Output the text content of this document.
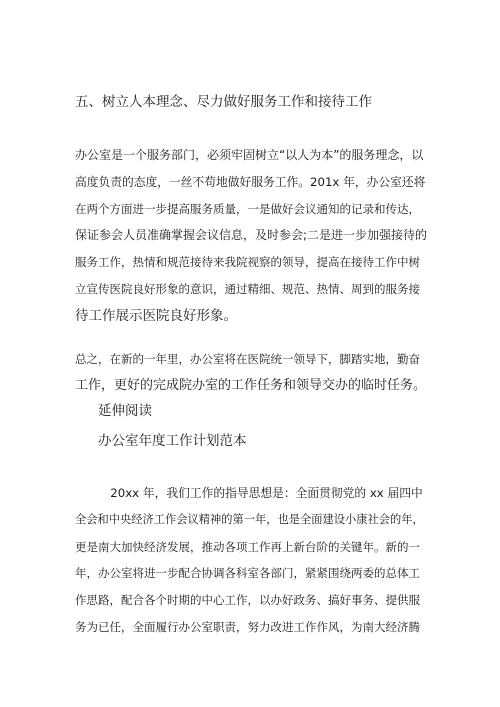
五、树立人本理念、尽力做好服务工作和接待工作
办公室是一个服务部门，必须牢固树立“以人为本”的服务理念，以
高度负责的态度，一丝不苟地做好服务工作。201x 年，办公室还将
在两个方面进一步提高服务质量，一是做好会议通知的记录和传达，
保证参会人员准确掌握会议信息，及时参会;二是进一步加强接待的
服务工作，热情和规范接待来我院视察的领导，提高在接待工作中树
立宣传医院良好形象的意识，通过精细、规范、热情、周到的服务接
待工作展示医院良好形象。
总之，在新的一年里，办公室将在医院统一领导下，脚踏实地，勤奋
工作，更好的完成院办室的工作任务和领导交办的临时任务。
延伸阅读
办公室年度工作计划范本
　　　20xx 年，我们工作的指导思想是：全面贯彻党的 xx 届四中
全会和中央经济工作会议精神的第一年，也是全面建设小康社会的年，
更是南大加快经济发展，推动各项工作再上新台阶的关键年。新的一
年，办公室将进一步配合协调各科室各部门，紧紧围绕两委的总体工
作思路，配合各个时期的中心工作，以办好政务、搞好事务、提供服
务为已任，全面履行办公室职责，努力改进工作作风，为南大经济腾
